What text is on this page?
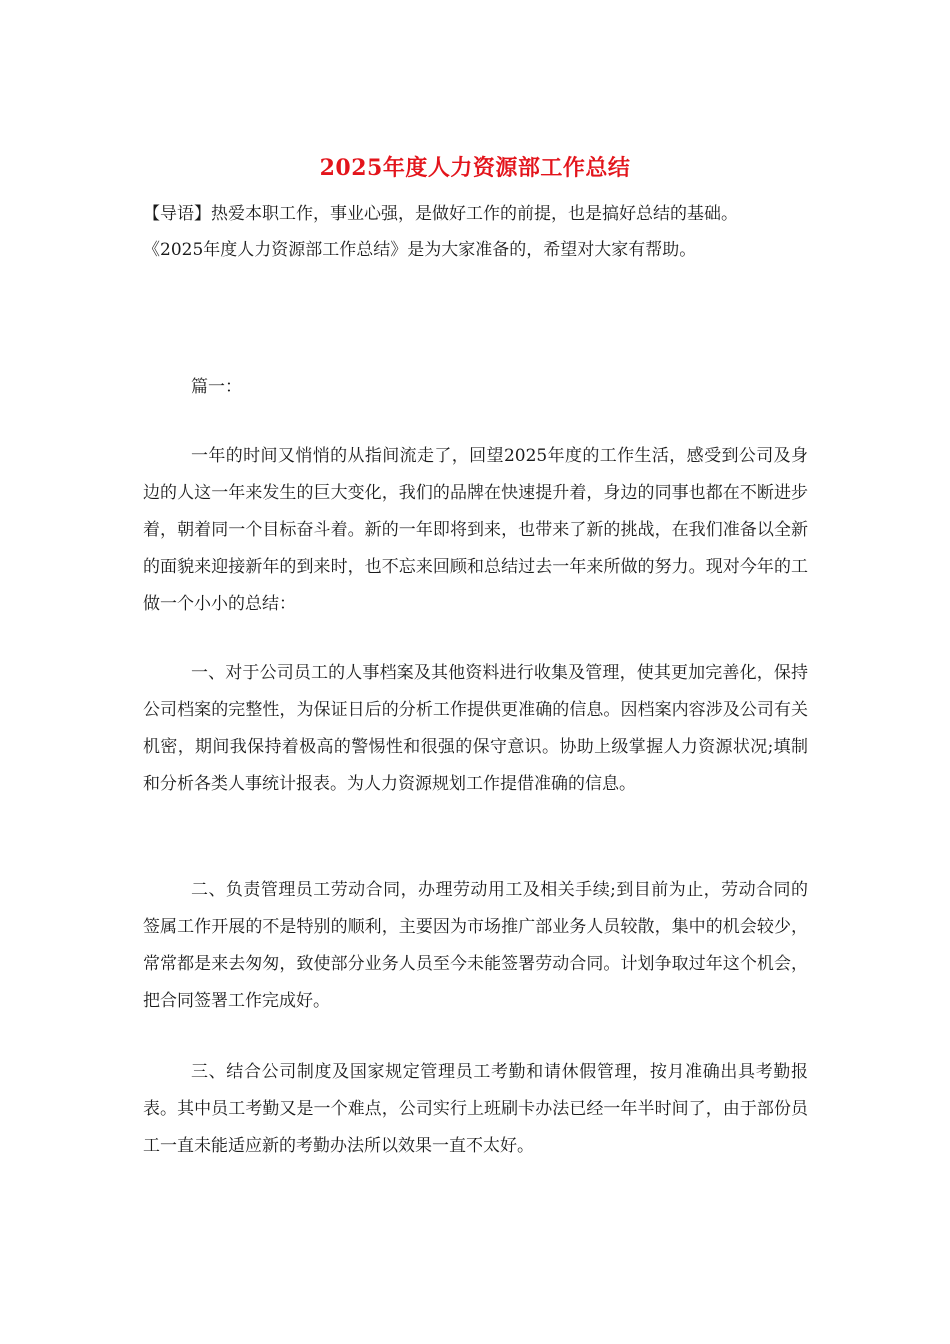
2025年度人力资源部工作总结

【导语】热爱本职工作，事业心强，是做好工作的前提，也是搞好总结的基础。

《2025年度人力资源部工作总结》是为大家准备的，希望对大家有帮助。

篇一：

一年的时间又悄悄的从指间流走了，回望2025年度的工作生活，感受到公司及身边的人这一年来发生的巨大变化，我们的品牌在快速提升着，身边的同事也都在不断进步着，朝着同一个目标奋斗着。新的一年即将到来，也带来了新的挑战，在我们准备以全新的面貌来迎接新年的到来时，也不忘来回顾和总结过去一年来所做的努力。现对今年的工做一个小小的总结：

一、对于公司员工的人事档案及其他资料进行收集及管理，使其更加完善化，保持公司档案的完整性，为保证日后的分析工作提供更准确的信息。因档案内容涉及公司有关机密，期间我保持着极高的警惕性和很强的保守意识。协助上级掌握人力资源状况;填制和分析各类人事统计报表。为人力资源规划工作提借准确的信息。

二、负责管理员工劳动合同，办理劳动用工及相关手续;到目前为止，劳动合同的签属工作开展的不是特别的顺利，主要因为市场推广部业务人员较散，集中的机会较少，常常都是来去匆匆，致使部分业务人员至今未能签署劳动合同。计划争取过年这个机会，把合同签署工作完成好。

三、结合公司制度及国家规定管理员工考勤和请休假管理，按月准确出具考勤报表。其中员工考勤又是一个难点，公司实行上班刷卡办法已经一年半时间了，由于部份员工一直未能适应新的考勤办法所以效果一直不太好。
